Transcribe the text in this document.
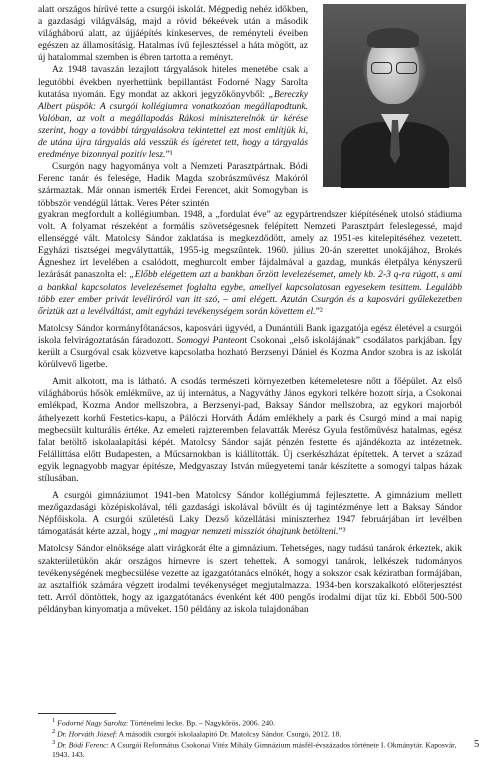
alatt országos hírűvé tette a csurgói iskolát. Mégpedig nehéz időkben, a gazdasági világválság, majd a rövid békeévek után a második világháború alatt, az újjáépítés kínkeserves, de reményteli éveiben egészen az államosításig. Hatalmas ívű fejlesztéssel a háta mögött, az új hatalommal szemben is ébren tartotta a reményt.

Az 1948 tavaszán lezajlott tárgyalások hiteles menetébe csak a legutóbbi években nyerhettünk bepillantást Fodorné Nagy Sarolta kutatása nyomán. Egy mondat az akkori jegyzőkönyvből: „Bereczky Albert püspök: A csurgói kollégiumra vonatkozóan megállapodtunk. Valóban, az volt a megállapodás Rákosi miniszterelnök úr kérése szerint, hogy a további tárgyalásokra tekintettel ezt most említjük ki, de utána újra tárgyalás alá vesszük és ígéretet tett, hogy a tárgyalás eredménye bizonnyal pozitív lesz.”¹

Csurgón nagy hagyománya volt a Nemzeti Parasztpártnak. Bódi Ferenc tanár és felesége, Hadik Magda szobrászművész Makóról származtak. Már onnan ismerték Erdei Ferencet, akit Somogyban is többször vendégül láttak. Veres Péter szintén

gyakran megfordult a kollégiumban. 1948, a „fordulat éve” az egypártrendszer kiépítésének utolsó stádiuma volt. A folyamat részeként a formális szövetségesnek felépített Nemzeti Parasztpárt feleslegessé, majd ellenséggé vált. Matolcsy Sándor zaklatása is megkezdődött, amely az 1951-es kitelepítéséhez vezetett. Egyházi tisztségei megvályttatták, 1955-ig megszűntek. 1960. július 20-án szerettet unokájához, Brokés Ágneshez írt levelében a csalódott, meghurcolt ember fájdalmával a gazdag, munkás életpálya kényszerű lezárását panaszolta el: „Előbb elégettem azt a bankban őrzött levelezésemet, amely kb. 2-3 q-ra rúgott, s ami a bankkal kapcsolatos levelezésemet foglalta egybe, amellyel kapcsolatosan egyesekem tesittem. Legalább több ezer ember privát levéliróról van itt szó, – ami elégett. Azután Csurgón és a kaposvári gyűlekezetben őriztük azt a levélváltást, amit egyházi tevékenységem során követtem el.”²

Matolcsy Sándor kormányfőtanácsos, kaposvári ügyvéd, a Dunántúli Bank igazgatója egész életével a csurgói iskola felvirágoztatásán fáradozott. Somogyi Panteont Csokonai „első iskolájának” csodálatos parkjában. Így került a Csurgóval csak közvetve kapcsolatba hozható Berzsenyi Dániel és Kozma Andor szobra is az iskolát körülvevő ligetbe.

Amit alkotott, ma is látható. A csodás természeti környezetben kétemeletesre nőtt a főépület. Az első világháborús hősök emlékműve, az új internátus, a Nagyváthy János egykori telkére hozott sírja, a Csokonai emlékpad, Kozma Andor mellszobra, a Berzsenyi-pad, Baksay Sándor mellszobra, az egykori majorból áthelyezett korhű Festetics-kapu, a Pálóczi Horváth Ádám emlékhely a park és Csurgó mind a mai napig megbecsült kulturális értéke. Az emeleti rajzteremben felavatták Merész Gyula festőművész hatalmas, egész falat betöltő iskolaalapítási képét. Matolcsy Sándor saját pénzén festette és ajándékozta az intézetnek. Felállíttása előtt Budapesten, a Műcsarnokban is kiállították. Új cserkészházat építettek. A tervet a század egyik legnagyobb magyar építésze, Medgyaszay István műegyetemi tanár készítette a somogyi talpas házak stílusában.

A csurgói gimnáziumot 1941-ben Matolcsy Sándor kollégiummá fejlesztette. A gimnázium mellett mezőgazdasági középiskolával, téli gazdasági iskolával bővült és új tagintézménye lett a Baksay Sándor Népfőiskola. A csurgói születésű Laky Dezső közellátási miniszterhez 1947 februárjában írt levélben támogatását kérte azzal, hogy „mi magyar nemzeti missziót óhajtunk betölteni.”³

Matolcsy Sándor elnöksége alatt virágkorát élte a gimnázium. Tehetséges, nagy tudású tanárok érkeztek, akik szakterületükön akár országos hírnevre is szert tehettek. A somogyi tanárok, lelkészek tudományos tevékenységének megbecsülése vezette az igazgatótanács elnökét, hogy a sokszor csak kéziratban formájában, az asztalfiók számára végzett irodalmi tevékenységet megjutalmazza. 1934-ben korszakalkotó előterjesztést tett. Arról döntöttek, hogy az igazgatótanács évenként két 400 pengős irodalmi díjat tűz ki. Ebből 500-500 példányban kinyomatja a műveket. 150 példány az iskola tulajdonában

$^1$ Fodorné Nagy Sarolta: Történelmi lecke. Bp. – Nagykőrös, 2006. 240.
$^2$ Dr. Horváth József: A második csurgói iskolaalapító Dr. Matolcsy Sándor. Csurgó, 2012. 18.
$^3$ Dr. Bódi Ferenc: A Csurgói Református Csokonai Vitéz Mihály Gimnázium másfél-évszázados története I. Okmánytár. Kaposvár, 1943. 143.
5
